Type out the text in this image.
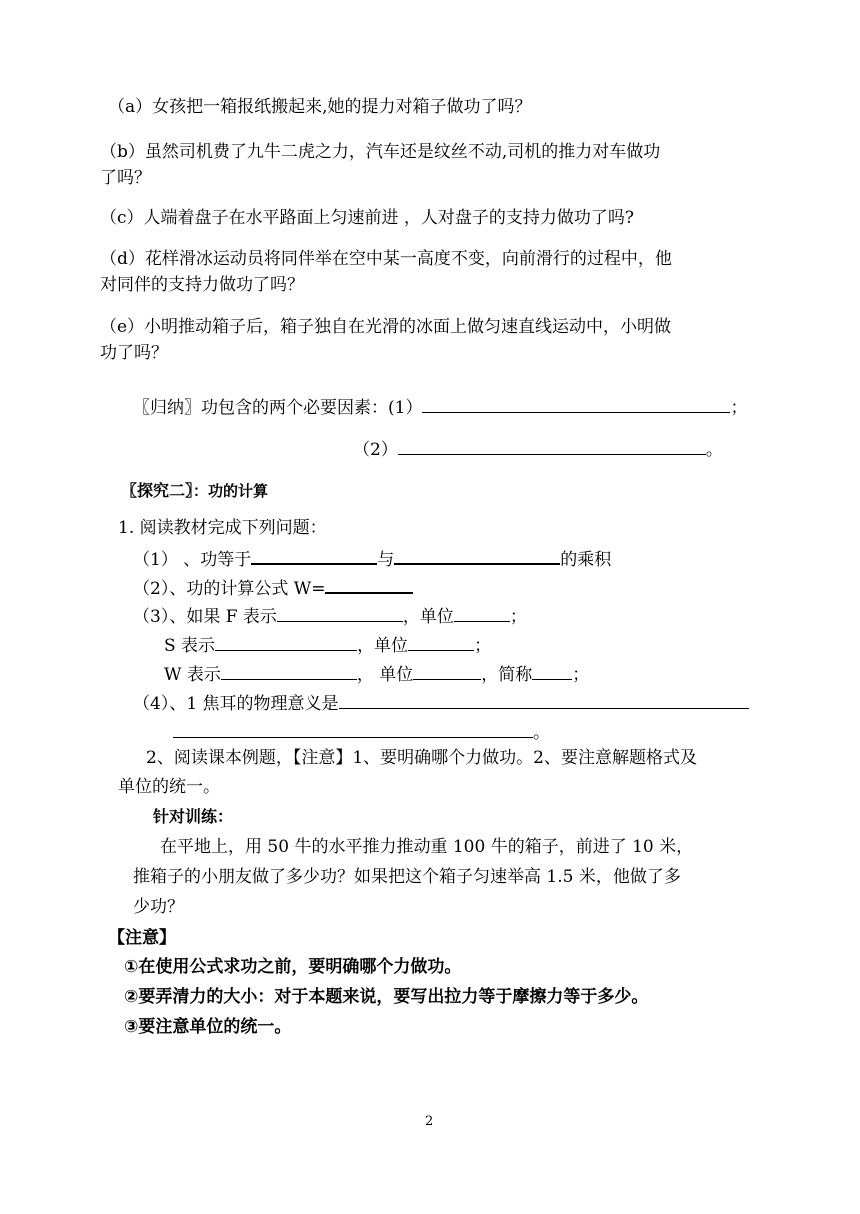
（a）女孩把一箱报纸搬起来,她的提力对箱子做功了吗？
（b）虽然司机费了九牛二虎之力，汽车还是纹丝不动,司机的推力对车做功
了吗？
（c）人端着盘子在水平路面上匀速前进 ，人对盘子的支持力做功了吗?
（d）花样滑冰运动员将同伴举在空中某一高度不变，向前滑行的过程中，他
对同伴的支持力做功了吗？
（e）小明推动箱子后，箱子独自在光滑的冰面上做匀速直线运动中，小明做
功了吗？
〖归纳〗功包含的两个必要因素：(1）	；
（2）	。
〖探究二〗：功的计算
1. 阅读教材完成下列问题：
（1） 、功等于	与	的乘积
（2）、功的计算公式 W=
（3）、如果 F 表示	，单位	；
S 表示	，单位	；
W 表示	， 单位	，简称 ；
（4）、1 焦耳的物理意义是
。
2、阅读课本例题，【注意】1、要明确哪个力做功。2、要注意解题格式及
单位的统一。
针对训练：
在平地上，用 50 牛的水平推力推动重 100 牛的箱子，前进了 10 米，
推箱子的小朋友做了多少功？如果把这个箱子匀速举高 1.5 米，他做了多
少功？
【注意】
①在使用公式求功之前，要明确哪个力做功。
②要弄清力的大小：对于本题来说，要写出拉力等于摩擦力等于多少。
③要注意单位的统一。
2
